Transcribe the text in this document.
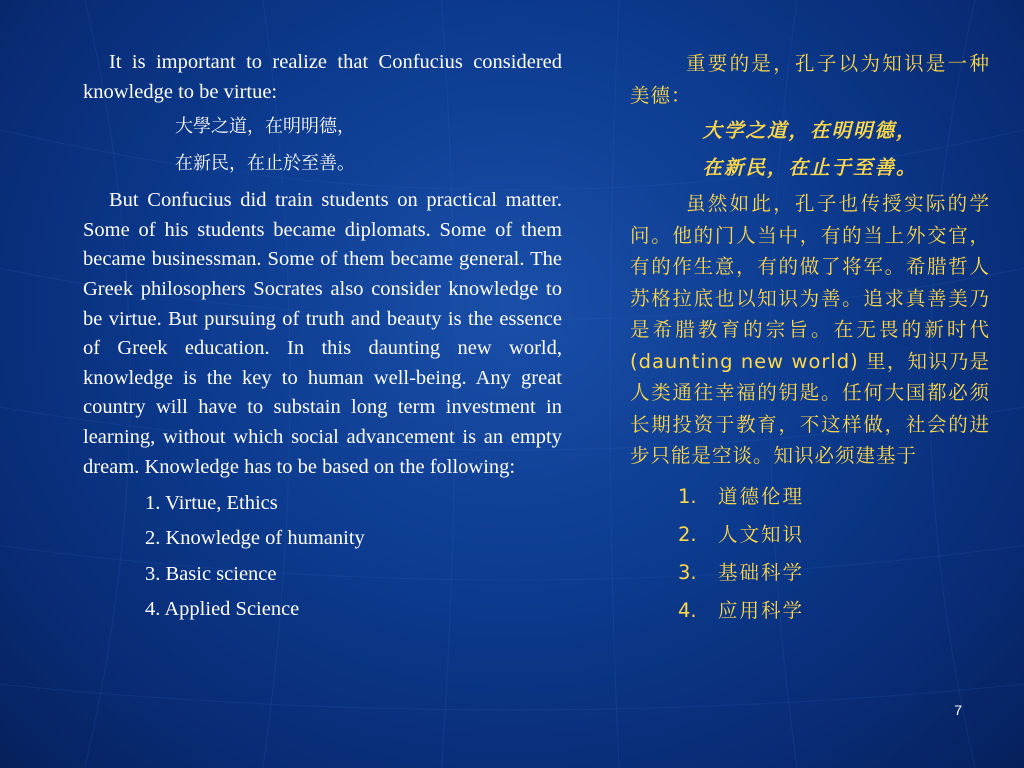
It is important to realize that Confucius considered knowledge to be virtue:

大學之道，在明明德，

在新民，在止於至善。

But Confucius did train students on practical matter. Some of his students became diplomats. Some of them became businessman. Some of them became general. The Greek philosophers Socrates also consider knowledge to be virtue. But pursuing of truth and beauty is the essence of Greek education. In this daunting new world, knowledge is the key to human well-being. Any great country will have to substain long term investment in learning, without which social advancement is an empty dream. Knowledge has to be based on the following:

1. Virtue, Ethics
2. Knowledge of humanity
3. Basic science
4. Applied Science

重要的是，孔子以为知识是一种美德：

大学之道，在明明德，

在新民，在止于至善。

虽然如此，孔子也传授实际的学问。他的门人当中，有的当上外交官，有的作生意，有的做了将军。希腊哲人苏格拉底也以知识为善。追求真善美乃是希腊教育的宗旨。在无畏的新时代(daunting new world) 里，知识乃是人类通往幸福的钥匙。任何大国都必须长期投资于教育，不这样做，社会的进步只能是空谈。知识必须建基于

1. 道德伦理
2. 人文知识
3. 基础科学
4. 应用科学
7
